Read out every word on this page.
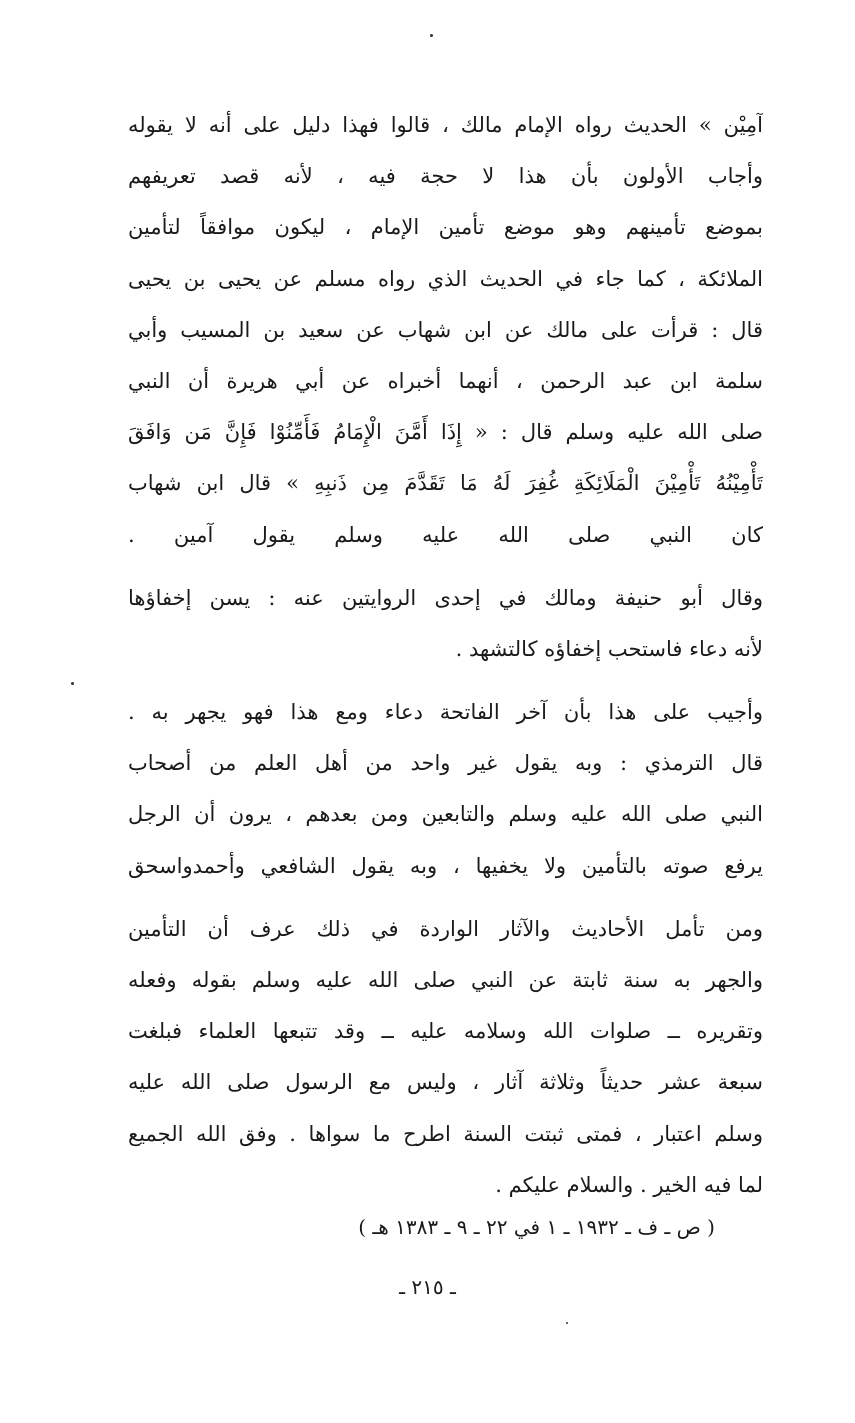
آمِيْن » الحديث رواه الإمام مالك ، قالوا فهذا دليل على أنه لا يقوله
وأجاب الأولون بأن هذا لا حجة فيه ، لأنه قصد تعريفهم
بموضع تأمينهم وهو موضع تأمين الإمام ، ليكون موافقاً لتأمين
الملائكة ، كما جاء في الحديث الذي رواه مسلم عن يحيى بن يحيى
قال : قرأت على مالك عن ابن شهاب عن سعيد بن المسيب وأبي
سلمة ابن عبد الرحمن ، أنهما أخبراه عن أبي هريرة أن النبي
صلى الله عليه وسلم قال : « إِذَا أَمَّنَ الْإِمَامُ فَأَمِّنُوْا فَإِنَّ مَن وَافَقَ
تَأْمِيْنُهُ تَأْمِيْنَ الْمَلَائِكَةِ غُفِرَ لَهُ مَا تَقَدَّمَ مِن ذَنبِهِ » قال ابن شهاب
كان النبي صلى الله عليه وسلم يقول آمين .
وقال أبو حنيفة ومالك في إحدى الروايتين عنه : يسن إخفاؤها
لأنه دعاء فاستحب إخفاؤه كالتشهد .
وأجيب على هذا بأن آخر الفاتحة دعاء ومع هذا فهو يجهر به .
قال الترمذي : وبه يقول غير واحد من أهل العلم من أصحاب
النبي صلى الله عليه وسلم والتابعين ومن بعدهم ، يرون أن الرجل
يرفع صوته بالتأمين ولا يخفيها ، وبه يقول الشافعي وأحمدواسحق
ومن تأمل الأحاديث والآثار الواردة في ذلك عرف أن التأمين
والجهر به سنة ثابتة عن النبي صلى الله عليه وسلم بقوله وفعله
وتقريره ــ صلوات الله وسلامه عليه ــ وقد تتبعها العلماء فبلغت
سبعة عشر حديثاً وثلاثة آثار ، وليس مع الرسول صلى الله عليه
وسلم اعتبار ، فمتى ثبتت السنة اطرح ما سواها . وفق الله الجميع
لما فيه الخير . والسلام عليكم .
( ص ـ ف ـ ١٩٣٢ ـ ١ في ٢٢ ـ ٩ ـ ١٣٨٣ هـ )
ـ ٢١٥ ـ
